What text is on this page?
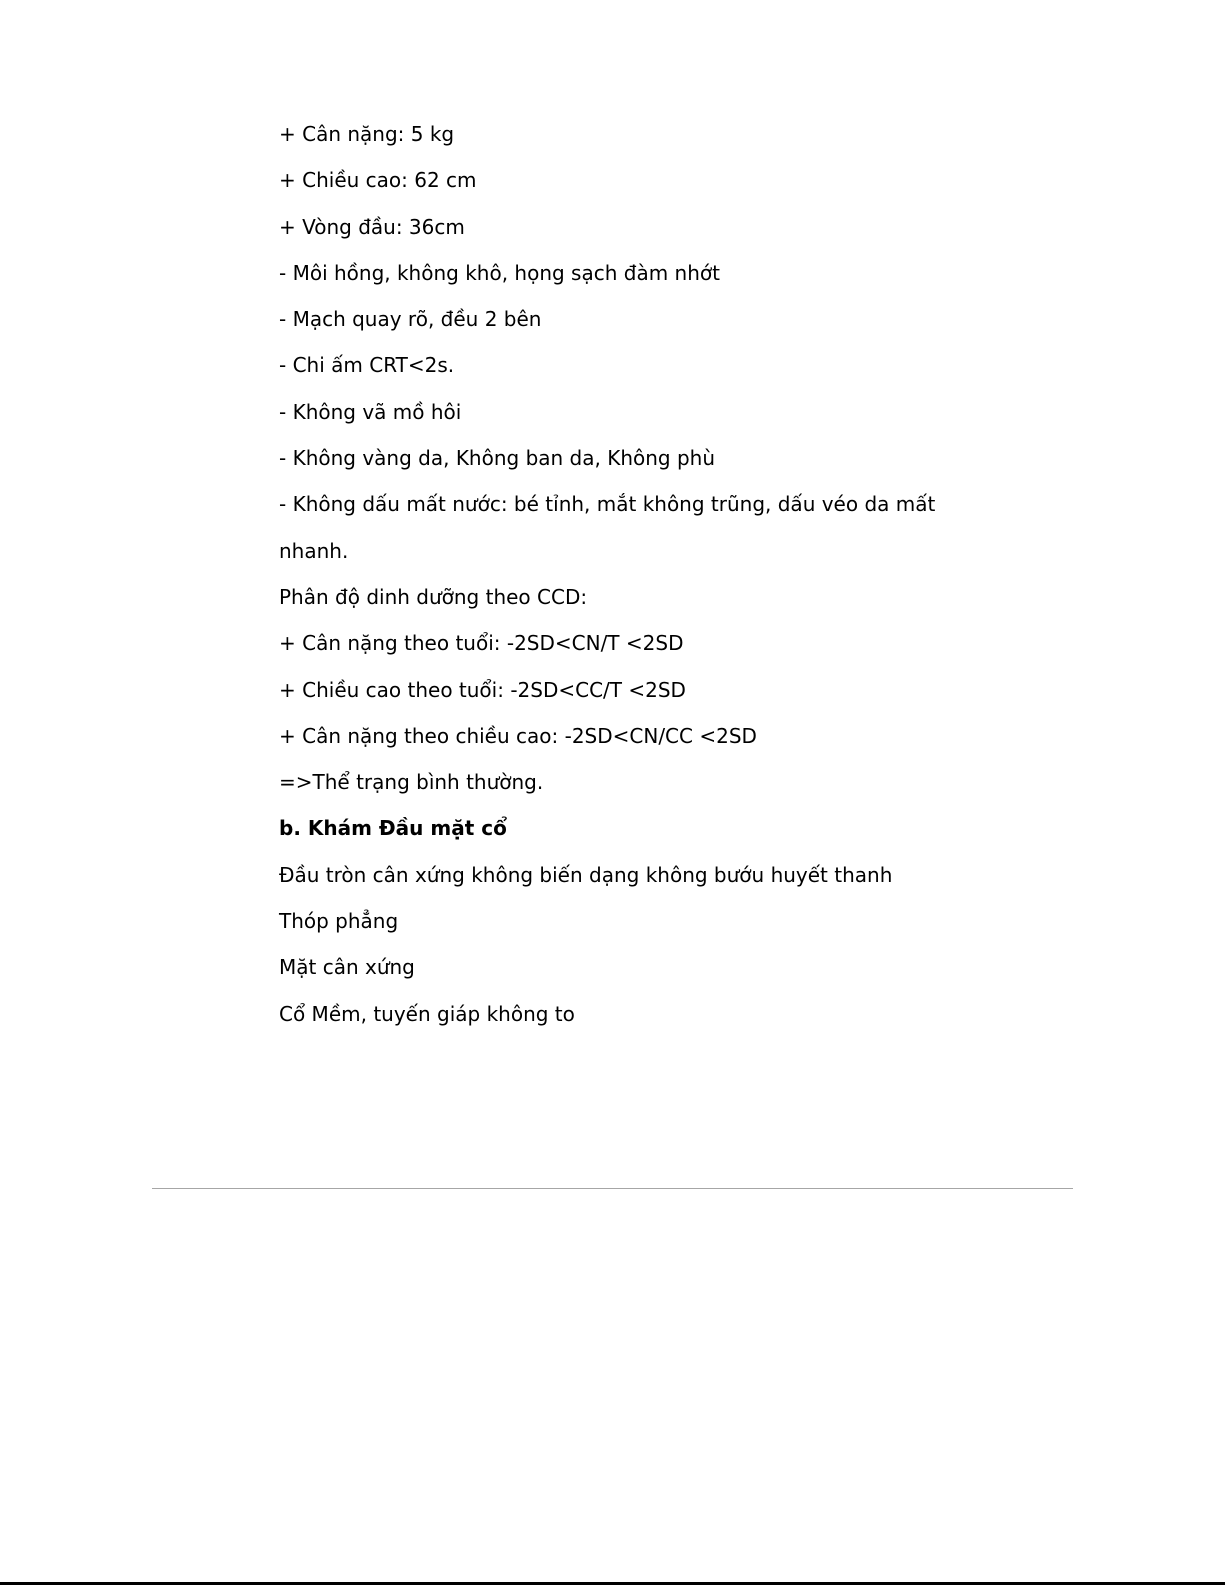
+ Cân nặng: 5 kg
+ Chiều cao: 62 cm
+ Vòng đầu: 36cm
- Môi hồng, không khô, họng sạch đàm nhớt
- Mạch quay rõ, đều 2 bên
- Chi ấm CRT<2s.
- Không vã mồ hôi
- Không vàng da, Không ban da, Không phù
- Không dấu mất nước: bé tỉnh, mắt không trũng, dấu véo da mất
nhanh.
Phân độ dinh dưỡng theo CCD:
+ Cân nặng theo tuổi: -2SD<CN/T <2SD
+ Chiều cao theo tuổi: -2SD<CC/T <2SD
+ Cân nặng theo chiều cao: -2SD<CN/CC <2SD
=>Thể trạng bình thường.
b. Khám Đầu mặt cổ
Đầu tròn cân xứng không biến dạng không bướu huyết thanh
Thóp phẳng
Mặt cân xứng
Cổ Mềm, tuyến giáp không to
